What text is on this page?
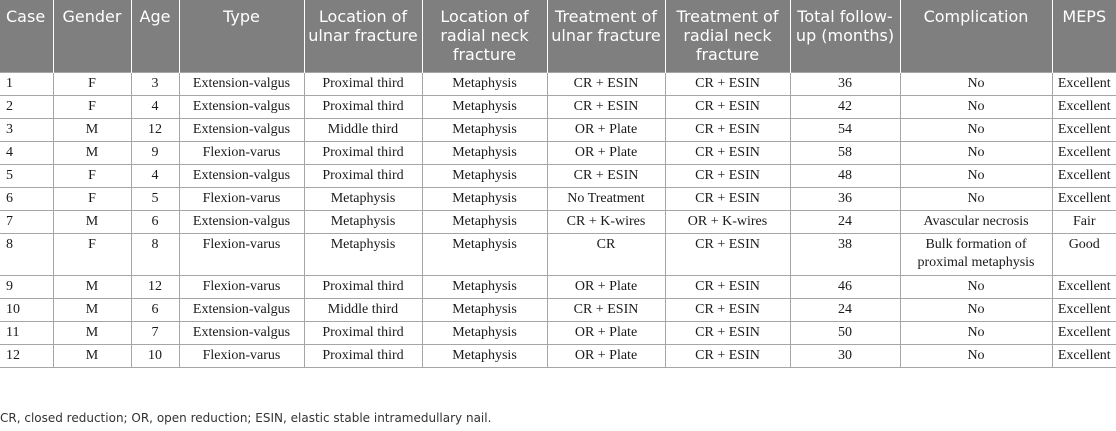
Case	Gender	Age	Type	Location of ulnar fracture	Location of radial neck fracture	Treatment of ulnar fracture	Treatment of radial neck fracture	Total follow-up (months)	Complication	MEPS
1	F	3	Extension-valgus	Proximal third	Metaphysis	CR + ESIN	CR + ESIN	36	No	Excellent
2	F	4	Extension-valgus	Proximal third	Metaphysis	CR + ESIN	CR + ESIN	42	No	Excellent
3	M	12	Extension-valgus	Middle third	Metaphysis	OR + Plate	CR + ESIN	54	No	Excellent
4	M	9	Flexion-varus	Proximal third	Metaphysis	OR + Plate	CR + ESIN	58	No	Excellent
5	F	4	Extension-valgus	Proximal third	Metaphysis	CR + ESIN	CR + ESIN	48	No	Excellent
6	F	5	Flexion-varus	Metaphysis	Metaphysis	No Treatment	CR + ESIN	36	No	Excellent
7	M	6	Extension-valgus	Metaphysis	Metaphysis	CR + K-wires	OR + K-wires	24	Avascular necrosis	Fair
8	F	8	Flexion-varus	Metaphysis	Metaphysis	CR	CR + ESIN	38	Bulk formation of proximal metaphysis	Good
9	M	12	Flexion-varus	Proximal third	Metaphysis	OR + Plate	CR + ESIN	46	No	Excellent
10	M	6	Extension-valgus	Middle third	Metaphysis	CR + ESIN	CR + ESIN	24	No	Excellent
11	M	7	Extension-valgus	Proximal third	Metaphysis	OR + Plate	CR + ESIN	50	No	Excellent
12	M	10	Flexion-varus	Proximal third	Metaphysis	OR + Plate	CR + ESIN	30	No	Excellent
CR, closed reduction; OR, open reduction; ESIN, elastic stable intramedullary nail.
